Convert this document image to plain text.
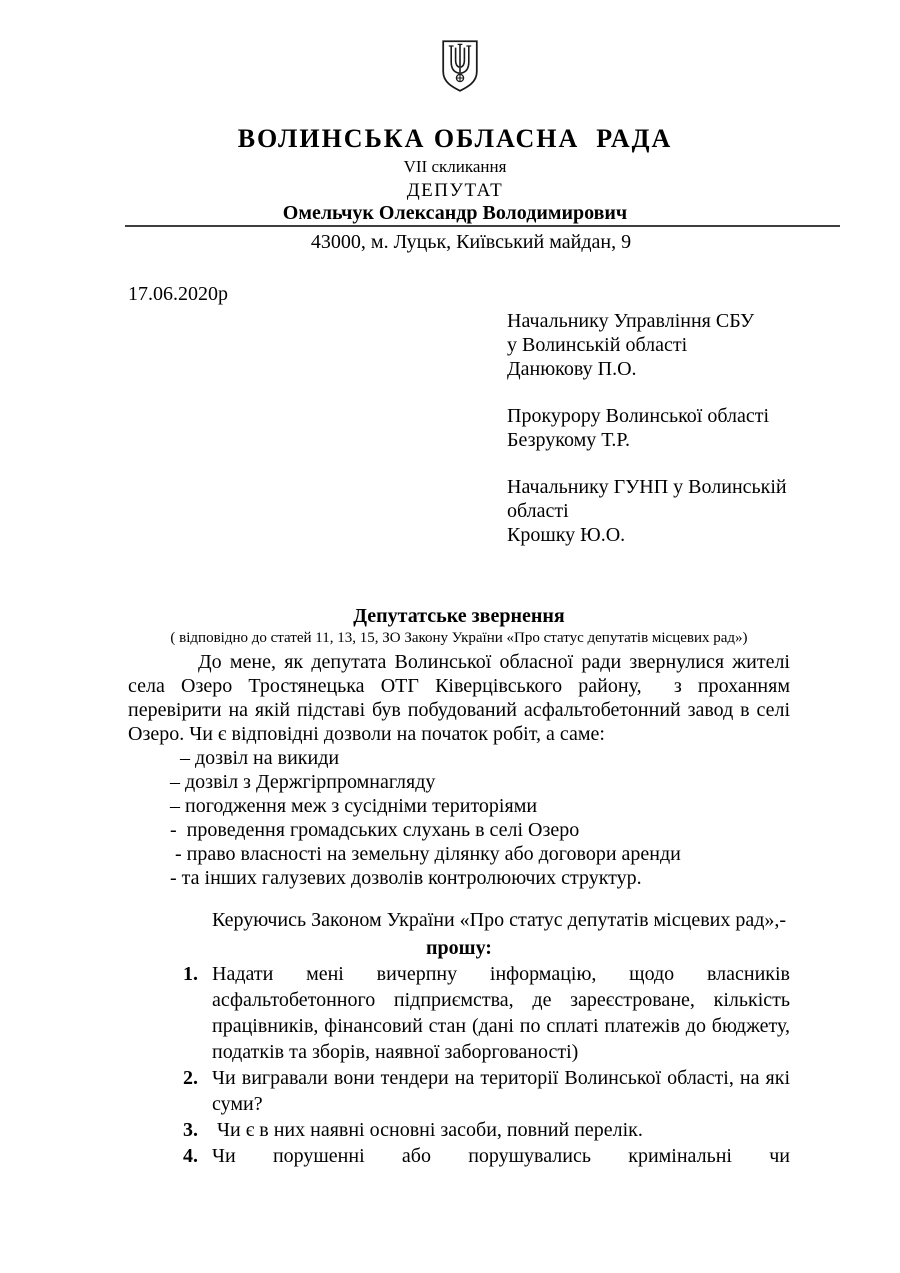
ВОЛИНСЬКА ОБЛАСНА  РАДА
VII скликання
ДЕПУТАТ
Омельчук Олександр Володимирович
43000, м. Луцьк, Київський майдан, 9
17.06.2020р
Начальнику Управління СБУ
у Волинській області
Данюкову П.О.
Прокурору Волинської області
Безрукому Т.Р.
Начальнику ГУНП у Волинській
області
Крошку Ю.О.
Депутатське звернення
( відповідно до статей 11, 13, 15, ЗО Закону України «Про статус депутатів місцевих рад»)

До мене, як депутата Волинської обласної ради звернулися жителі села Озеро Тростянецька ОТГ Ківерцівського району,  з проханням перевірити на якій підставі був побудований асфальтобетонний завод в селі Озеро. Чи є відповідні дозволи на початок робіт, а саме:

– дозвіл на викиди
– дозвіл з Держгірпромнагляду
– погодження меж з сусідніми територіями
-  проведення громадських слухань в селі Озеро
- право власності на земельну ділянку або договори аренди
- та інших галузевих дозволів контролюючих структур.

Керуючись Законом України «Про статус депутатів місцевих рад»,-

прошу:
1. Надати мені вичерпну інформацію, щодо власників асфальтобетонного підприємства, де зареєстроване, кількість працівників, фінансовий стан (дані по сплаті платежів до бюджету, податків та зборів, наявної заборгованості)
2. Чи вигравали вони тендери на території Волинської області, на які суми?
3. Чи є в них наявні основні засоби, повний перелік.
4. Чи порушенні або порушувались кримінальні чи
